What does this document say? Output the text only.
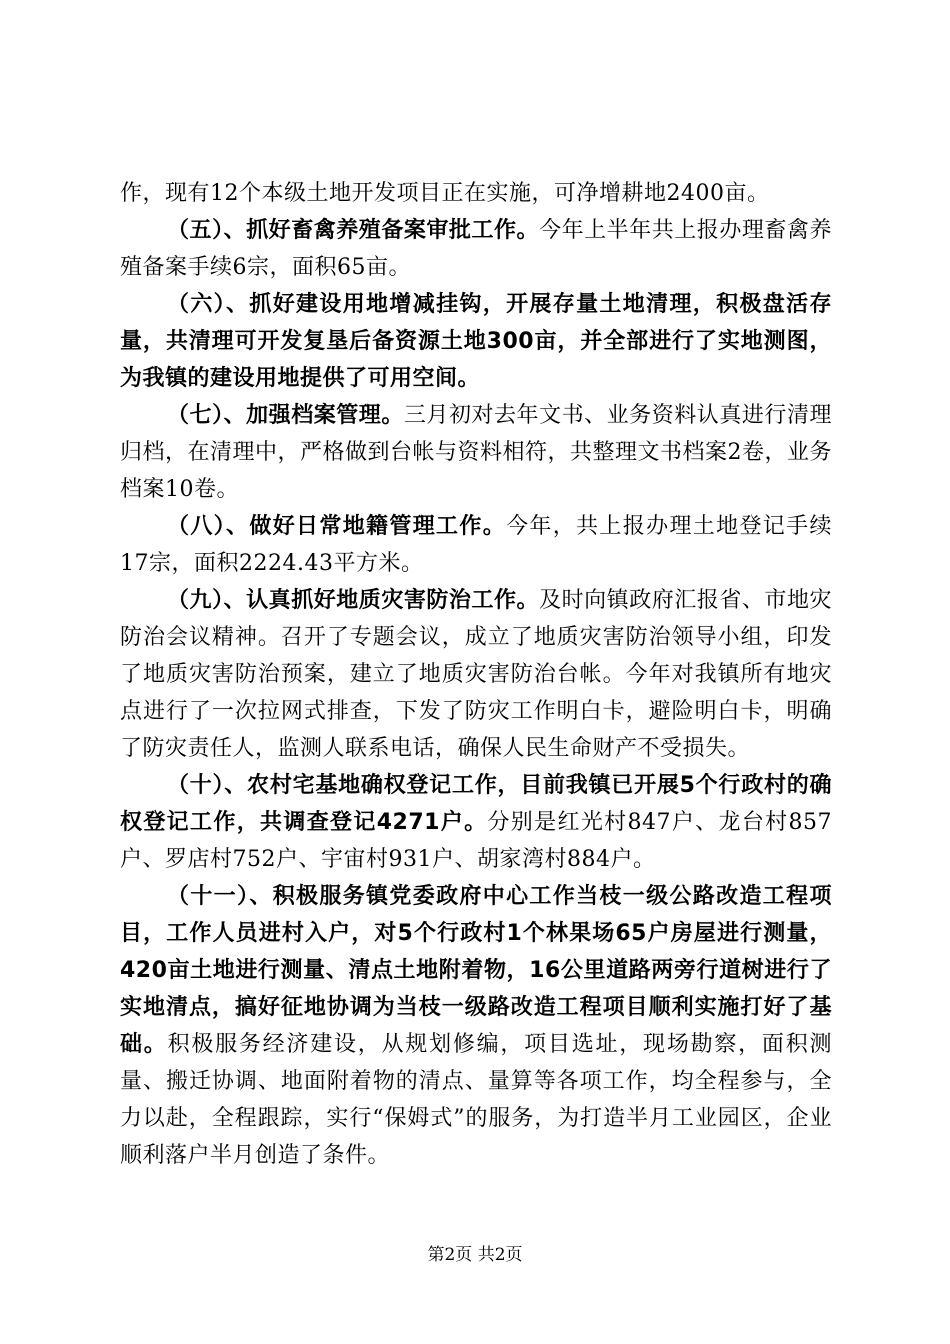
作，现有12个本级土地开发项目正在实施，可净增耕地2400亩。

（五）、抓好畜禽养殖备案审批工作。今年上半年共上报办理畜禽养殖备案手续6宗，面积65亩。

（六）、抓好建设用地增减挂钩，开展存量土地清理，积极盘活存量，共清理可开发复垦后备资源土地300亩，并全部进行了实地测图，为我镇的建设用地提供了可用空间。

（七）、加强档案管理。三月初对去年文书、业务资料认真进行清理归档，在清理中，严格做到台帐与资料相符，共整理文书档案2卷，业务档案10卷。

（八）、做好日常地籍管理工作。今年，共上报办理土地登记手续17宗，面积2224.43平方米。

（九）、认真抓好地质灾害防治工作。及时向镇政府汇报省、市地灾防治会议精神。召开了专题会议，成立了地质灾害防治领导小组，印发了地质灾害防治预案，建立了地质灾害防治台帐。今年对我镇所有地灾点进行了一次拉网式排查，下发了防灾工作明白卡，避险明白卡，明确了防灾责任人，监测人联系电话，确保人民生命财产不受损失。

（十）、农村宅基地确权登记工作，目前我镇已开展5个行政村的确权登记工作，共调查登记4271户。分别是红光村847户、龙台村857户、罗店村752户、宇宙村931户、胡家湾村884户。

（十一）、积极服务镇党委政府中心工作当枝一级公路改造工程项目，工作人员进村入户，对5个行政村1个林果场65户房屋进行测量，420亩土地进行测量、清点土地附着物，16公里道路两旁行道树进行了实地清点，搞好征地协调为当枝一级路改造工程项目顺利实施打好了基础。积极服务经济建设，从规划修编，项目选址，现场勘察，面积测量、搬迁协调、地面附着物的清点、量算等各项工作，均全程参与，全力以赴，全程跟踪，实行“保姆式”的服务，为打造半月工业园区，企业顺利落户半月创造了条件。

第2页 共2页
